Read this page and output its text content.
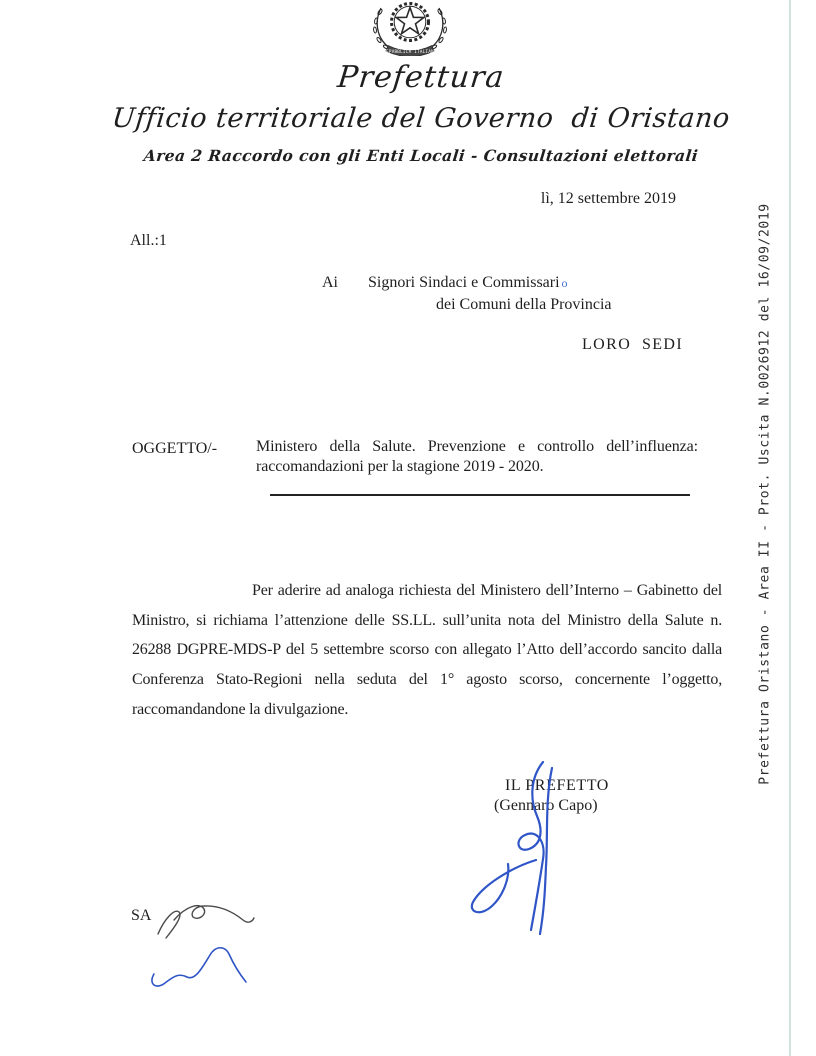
REPVBBLICA ITALIANA
Prefettura
Ufficio territoriale del Governo  di Oristano
Area 2 Raccordo con gli Enti Locali - Consultazioni elettorali
lì, 12 settembre 2019
All.:1
Ai Signori Sindaci e Commissari o
dei Comuni della Provincia
LORO  SEDI
OGGETTO/- Ministero della Salute. Prevenzione e controllo dell’influenza: raccomandazioni per la stagione 2019 - 2020.

Per aderire ad analoga richiesta del Ministero dell’Interno – Gabinetto del Ministro, si richiama l’attenzione delle SS.LL. sull’unita nota del Ministro della Salute n. 26288 DGPRE-MDS-P del 5 settembre scorso con allegato l’Atto dell’accordo sancito dalla Conferenza Stato-Regioni nella seduta del 1° agosto scorso, concernente l’oggetto, raccomandandone la divulgazione.

IL PREFETTO
(Gennaro Capo)
SA
Prefettura Oristano - Area II - Prot. Uscita N.0026912 del 16/09/2019
